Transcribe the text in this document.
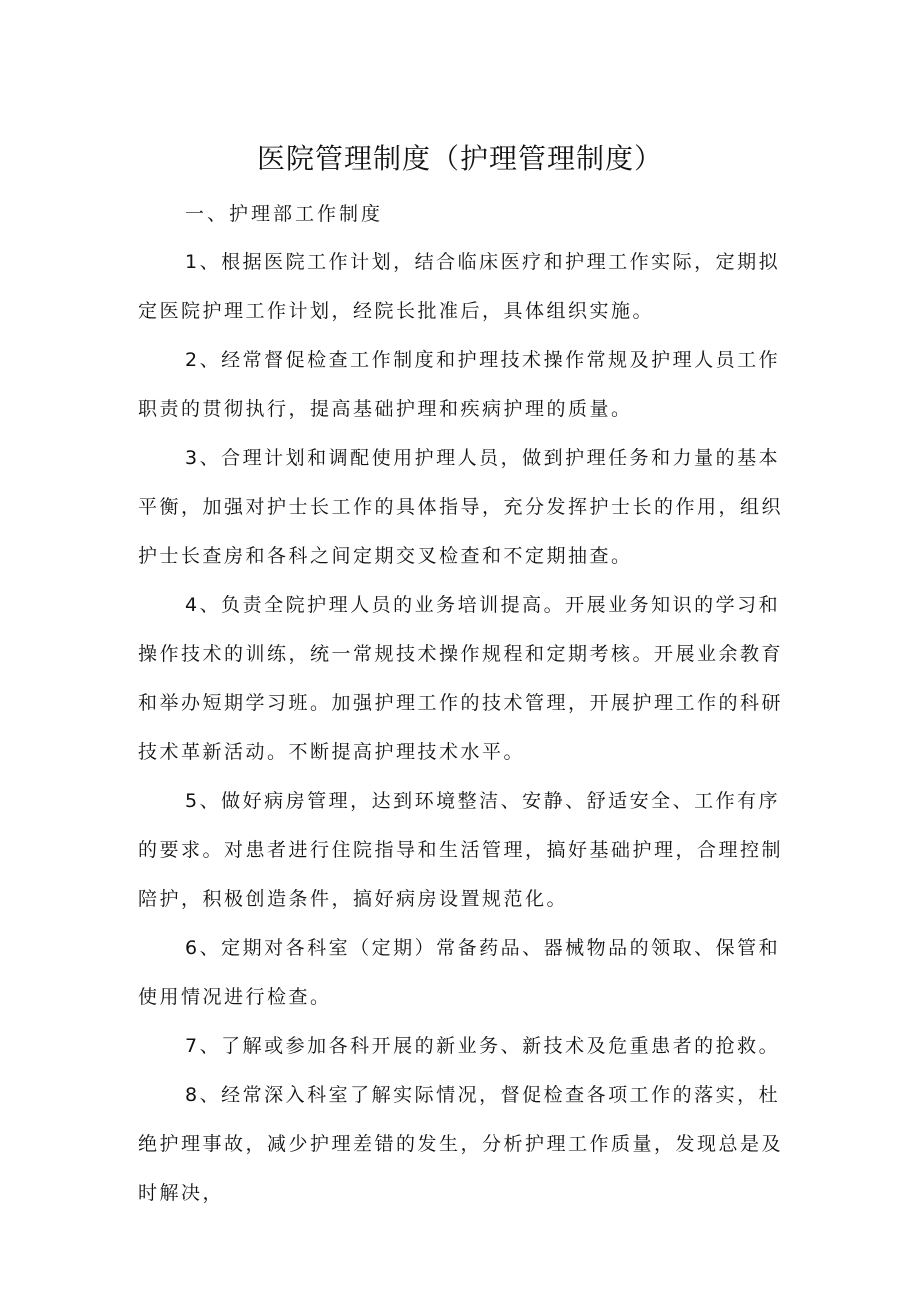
医院管理制度（护理管理制度）

一、护理部工作制度

1、根据医院工作计划，结合临床医疗和护理工作实际，定期拟定医院护理工作计划，经院长批准后，具体组织实施。

2、经常督促检查工作制度和护理技术操作常规及护理人员工作职责的贯彻执行，提高基础护理和疾病护理的质量。

3、合理计划和调配使用护理人员，做到护理任务和力量的基本平衡，加强对护士长工作的具体指导，充分发挥护士长的作用，组织护士长查房和各科之间定期交叉检查和不定期抽查。

4、负责全院护理人员的业务培训提高。开展业务知识的学习和操作技术的训练，统一常规技术操作规程和定期考核。开展业余教育和举办短期学习班。加强护理工作的技术管理，开展护理工作的科研技术革新活动。不断提高护理技术水平。

5、做好病房管理，达到环境整洁、安静、舒适安全、工作有序的要求。对患者进行住院指导和生活管理，搞好基础护理，合理控制陪护，积极创造条件，搞好病房设置规范化。

6、定期对各科室（定期）常备药品、器械物品的领取、保管和使用情况进行检查。

7、了解或参加各科开展的新业务、新技术及危重患者的抢救。

8、经常深入科室了解实际情况，督促检查各项工作的落实，杜绝护理事故，减少护理差错的发生，分析护理工作质量，发现总是及时解决，
